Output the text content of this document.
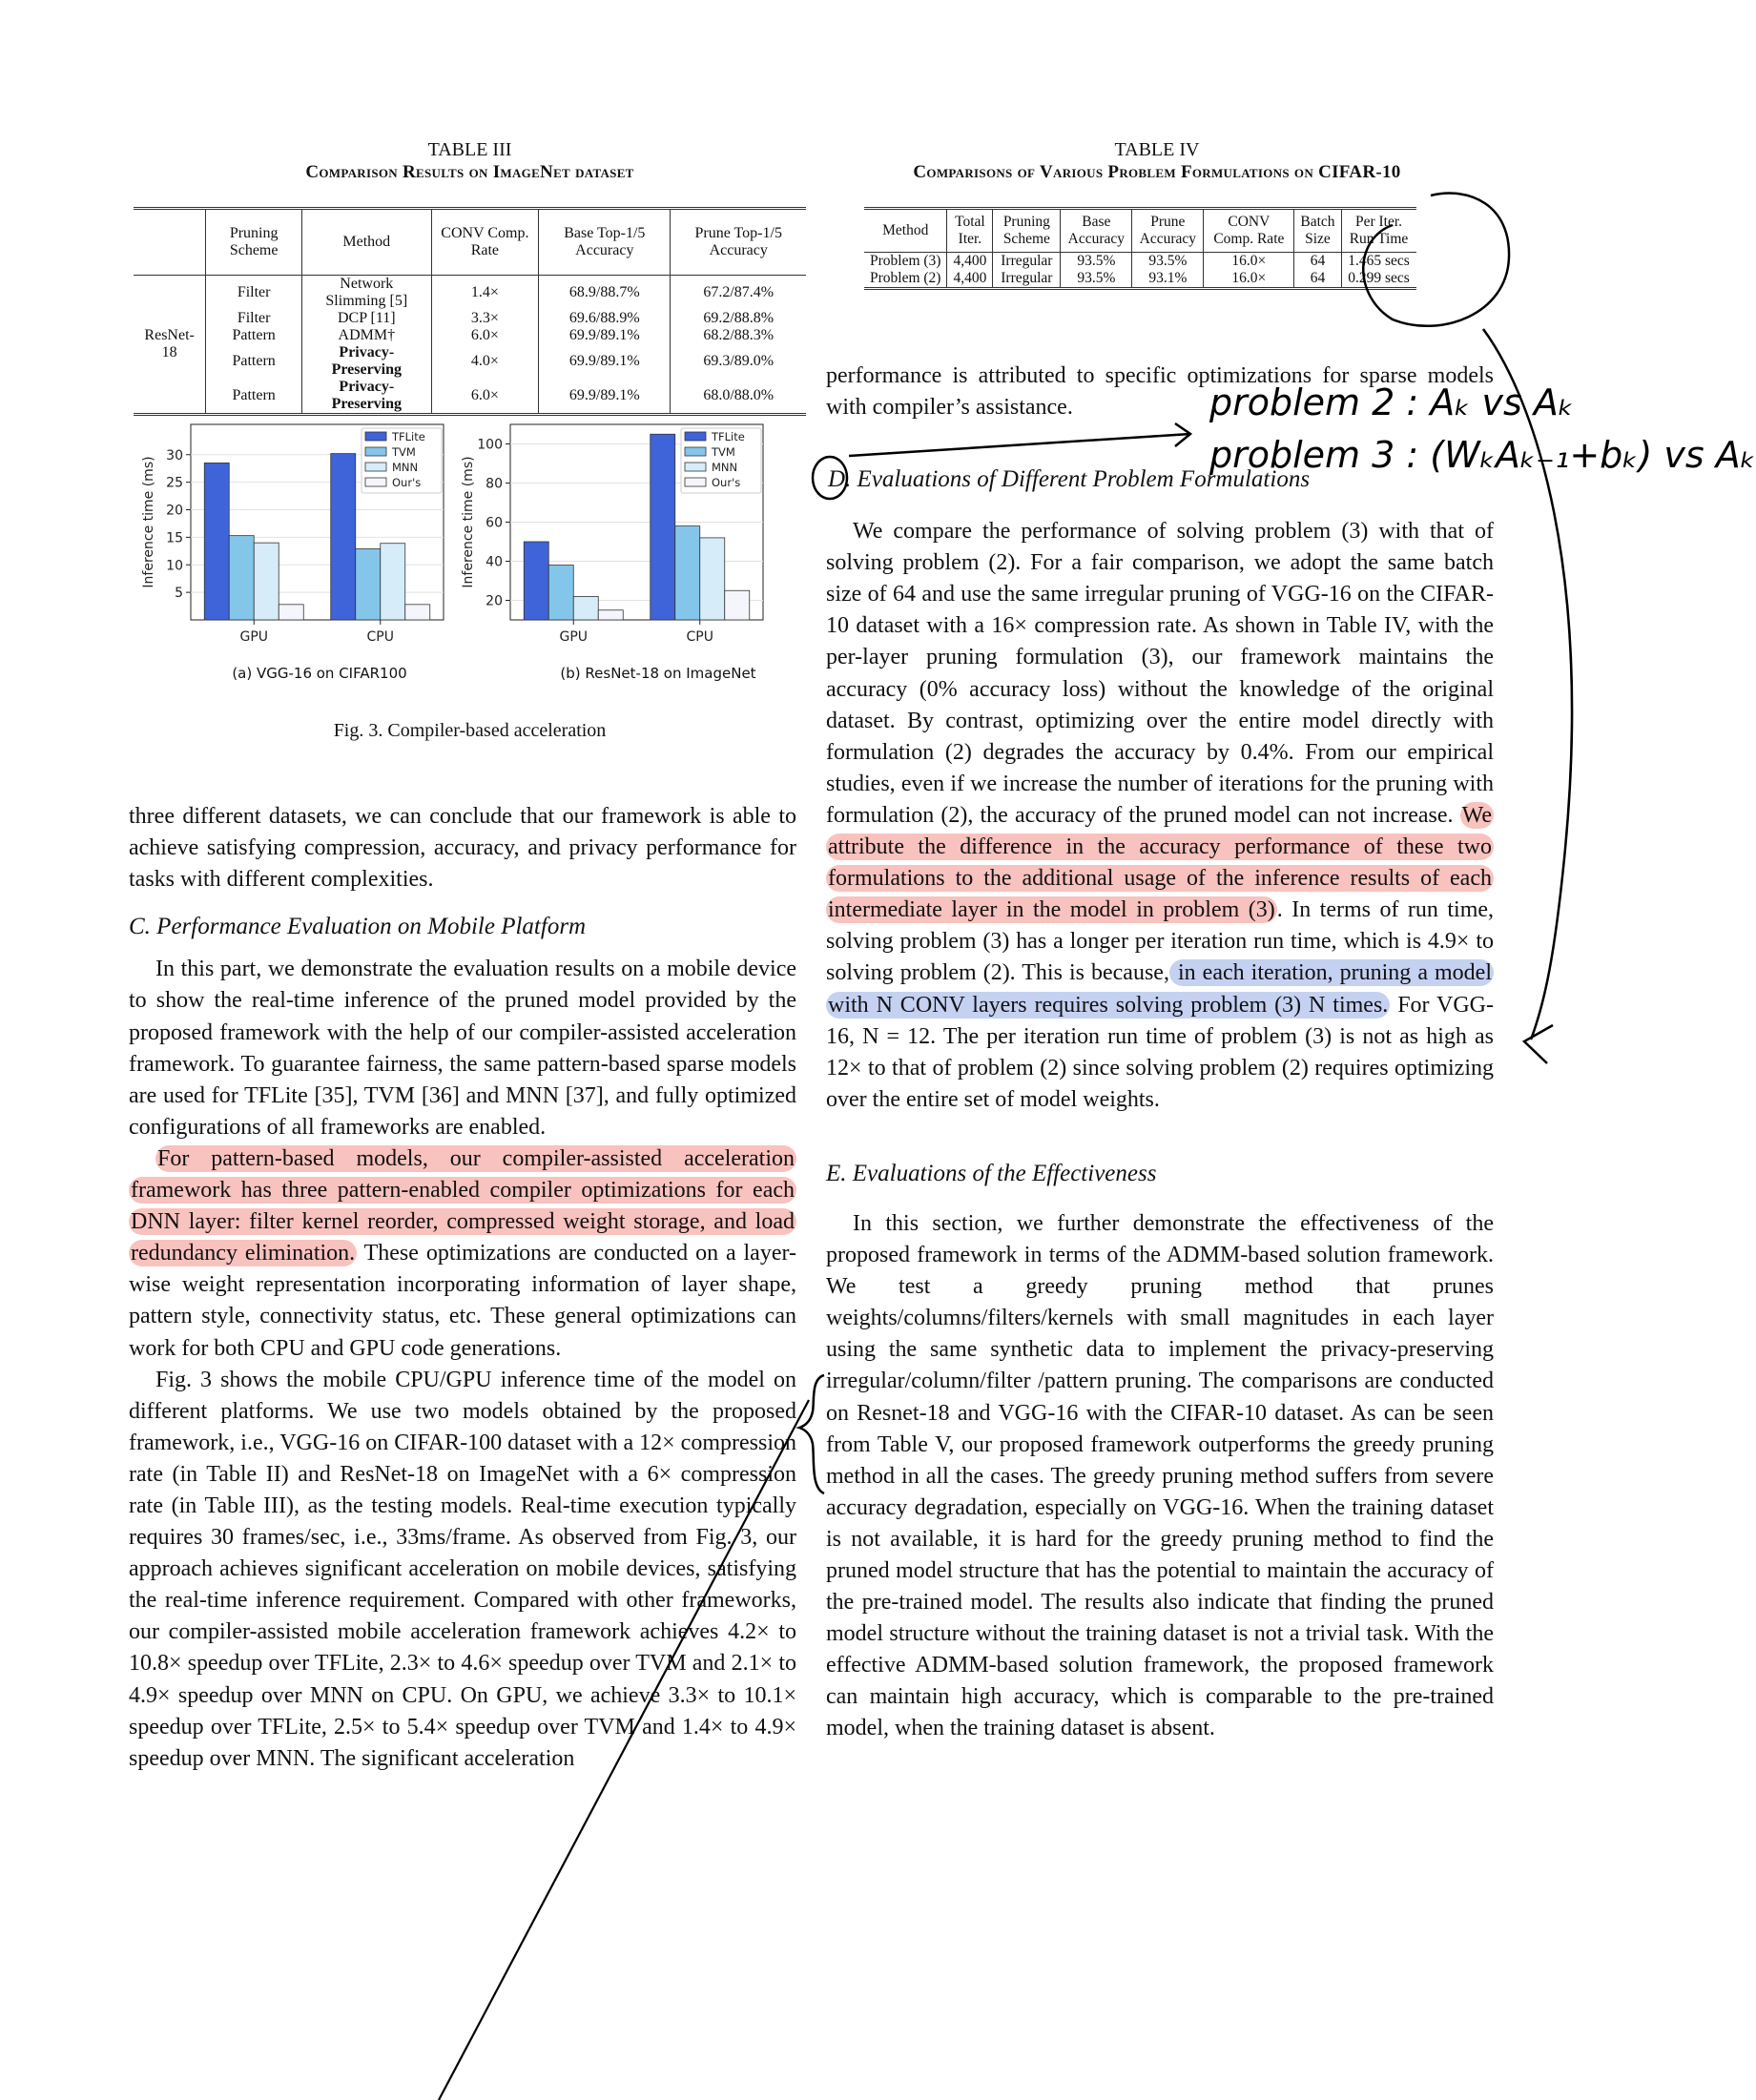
TABLE III
Comparison Results on ImageNet dataset
	Pruning Scheme	Method	CONV Comp. Rate	Base Top-1/5 Accuracy	Prune Top-1/5 Accuracy
ResNet-18	Filter	Network Slimming [5]	1.4×	68.9/88.7%	67.2/87.4%
	Filter	DCP [11]	3.3×	69.6/88.9%	69.2/88.8%
	Pattern	ADMM†	6.0×	69.9/89.1%	68.2/88.3%
	Pattern	Privacy-Preserving	4.0×	69.9/89.1%	69.3/89.0%
	Pattern	Privacy-Preserving	6.0×	69.9/89.1%	68.0/88.0%
TABLE IV
Comparisons of Various Problem Formulations on CIFAR-10
Method	Total Iter.	Pruning Scheme	Base Accuracy	Prune Accuracy	CONV Comp. Rate	Batch Size	Per Iter. Run Time
Problem (3)	4,400	Irregular	93.5%	93.5%	16.0×	64	1.465 secs
Problem (2)	4,400	Irregular	93.5%	93.1%	16.0×	64	0.299 secs
5
10
15
20
25
30
Inference time (ms)
GPU	CPU
TFLite
TVM
MNN
Our's
20
40
60
80
100
Inference time (ms)
GPU	CPU
TFLite
TVM
MNN
Our's
(a) VGG-16 on CIFAR100	(b) ResNet-18 on ImageNet
Fig. 3. Compiler-based acceleration

three different datasets, we can conclude that our framework is able to achieve satisfying compression, accuracy, and privacy performance for tasks with different complexities.

C. Performance Evaluation on Mobile Platform

In this part, we demonstrate the evaluation results on a mobile device to show the real-time inference of the pruned model provided by the proposed framework with the help of our compiler-assisted acceleration framework. To guarantee fairness, the same pattern-based sparse models are used for TFLite [35], TVM [36] and MNN [37], and fully optimized configurations of all frameworks are enabled.

For pattern-based models, our compiler-assisted acceleration framework has three pattern-enabled compiler optimizations for each DNN layer: filter kernel reorder, compressed weight storage, and load redundancy elimination. These optimizations are conducted on a layer-wise weight representation incorporating information of layer shape, pattern style, connectivity status, etc. These general optimizations can work for both CPU and GPU code generations.

Fig. 3 shows the mobile CPU/GPU inference time of the model on different platforms. We use two models obtained by the proposed framework, i.e., VGG-16 on CIFAR-100 dataset with a 12× compression rate (in Table II) and ResNet-18 on ImageNet with a 6× compression rate (in Table III), as the testing models. Real-time execution typically requires 30 frames/sec, i.e., 33ms/frame. As observed from Fig. 3, our approach achieves significant acceleration on mobile devices, satisfying the real-time inference requirement. Compared with other frameworks, our compiler-assisted mobile acceleration framework achieves 4.2× to 10.8× speedup over TFLite, 2.3× to 4.6× speedup over TVM and 2.1× to 4.9× speedup over MNN on CPU. On GPU, we achieve 3.3× to 10.1× speedup over TFLite, 2.5× to 5.4× speedup over TVM and 1.4× to 4.9× speedup over MNN. The significant acceleration

performance is attributed to specific optimizations for sparse models with compiler’s assistance.

D. Evaluations of Different Problem Formulations

We compare the performance of solving problem (3) with that of solving problem (2). For a fair comparison, we adopt the same batch size of 64 and use the same irregular pruning of VGG-16 on the CIFAR-10 dataset with a 16× compression rate. As shown in Table IV, with the per-layer pruning formulation (3), our framework maintains the accuracy (0% accuracy loss) without the knowledge of the original dataset. By contrast, optimizing over the entire model directly with formulation (2) degrades the accuracy by 0.4%. From our empirical studies, even if we increase the number of iterations for the pruning with formulation (2), the accuracy of the pruned model can not increase. We attribute the difference in the accuracy performance of these two formulations to the additional usage of the inference results of each intermediate layer in the model in problem (3). In terms of run time, solving problem (3) has a longer per iteration run time, which is 4.9× to solving problem (2). This is because, in each iteration, pruning a model with N CONV layers requires solving problem (3) N times. For VGG-16, N = 12. The per iteration run time of problem (3) is not as high as 12× to that of problem (2) since solving problem (2) requires optimizing over the entire set of model weights.

E. Evaluations of the Effectiveness

In this section, we further demonstrate the effectiveness of the proposed framework in terms of the ADMM-based solution framework. We test a greedy pruning method that prunes weights/columns/filters/kernels with small magnitudes in each layer using the same synthetic data to implement the privacy-preserving irregular/column/filter /pattern pruning. The comparisons are conducted on Resnet-18 and VGG-16 with the CIFAR-10 dataset. As can be seen from Table V, our proposed framework outperforms the greedy pruning method in all the cases. The greedy pruning method suffers from severe accuracy degradation, especially on VGG-16. When the training dataset is not available, it is hard for the greedy pruning method to find the pruned model structure that has the potential to maintain the accuracy of the pre-trained model. The results also indicate that finding the pruned model structure without the training dataset is not a trivial task. With the effective ADMM-based solution framework, the proposed framework can maintain high accuracy, which is comparable to the pre-trained model, when the training dataset is absent.

problem 2 : Aₖ vs Aₖ
problem 3 : (WₖAₖ₋₁+bₖ) vs Aₖ
